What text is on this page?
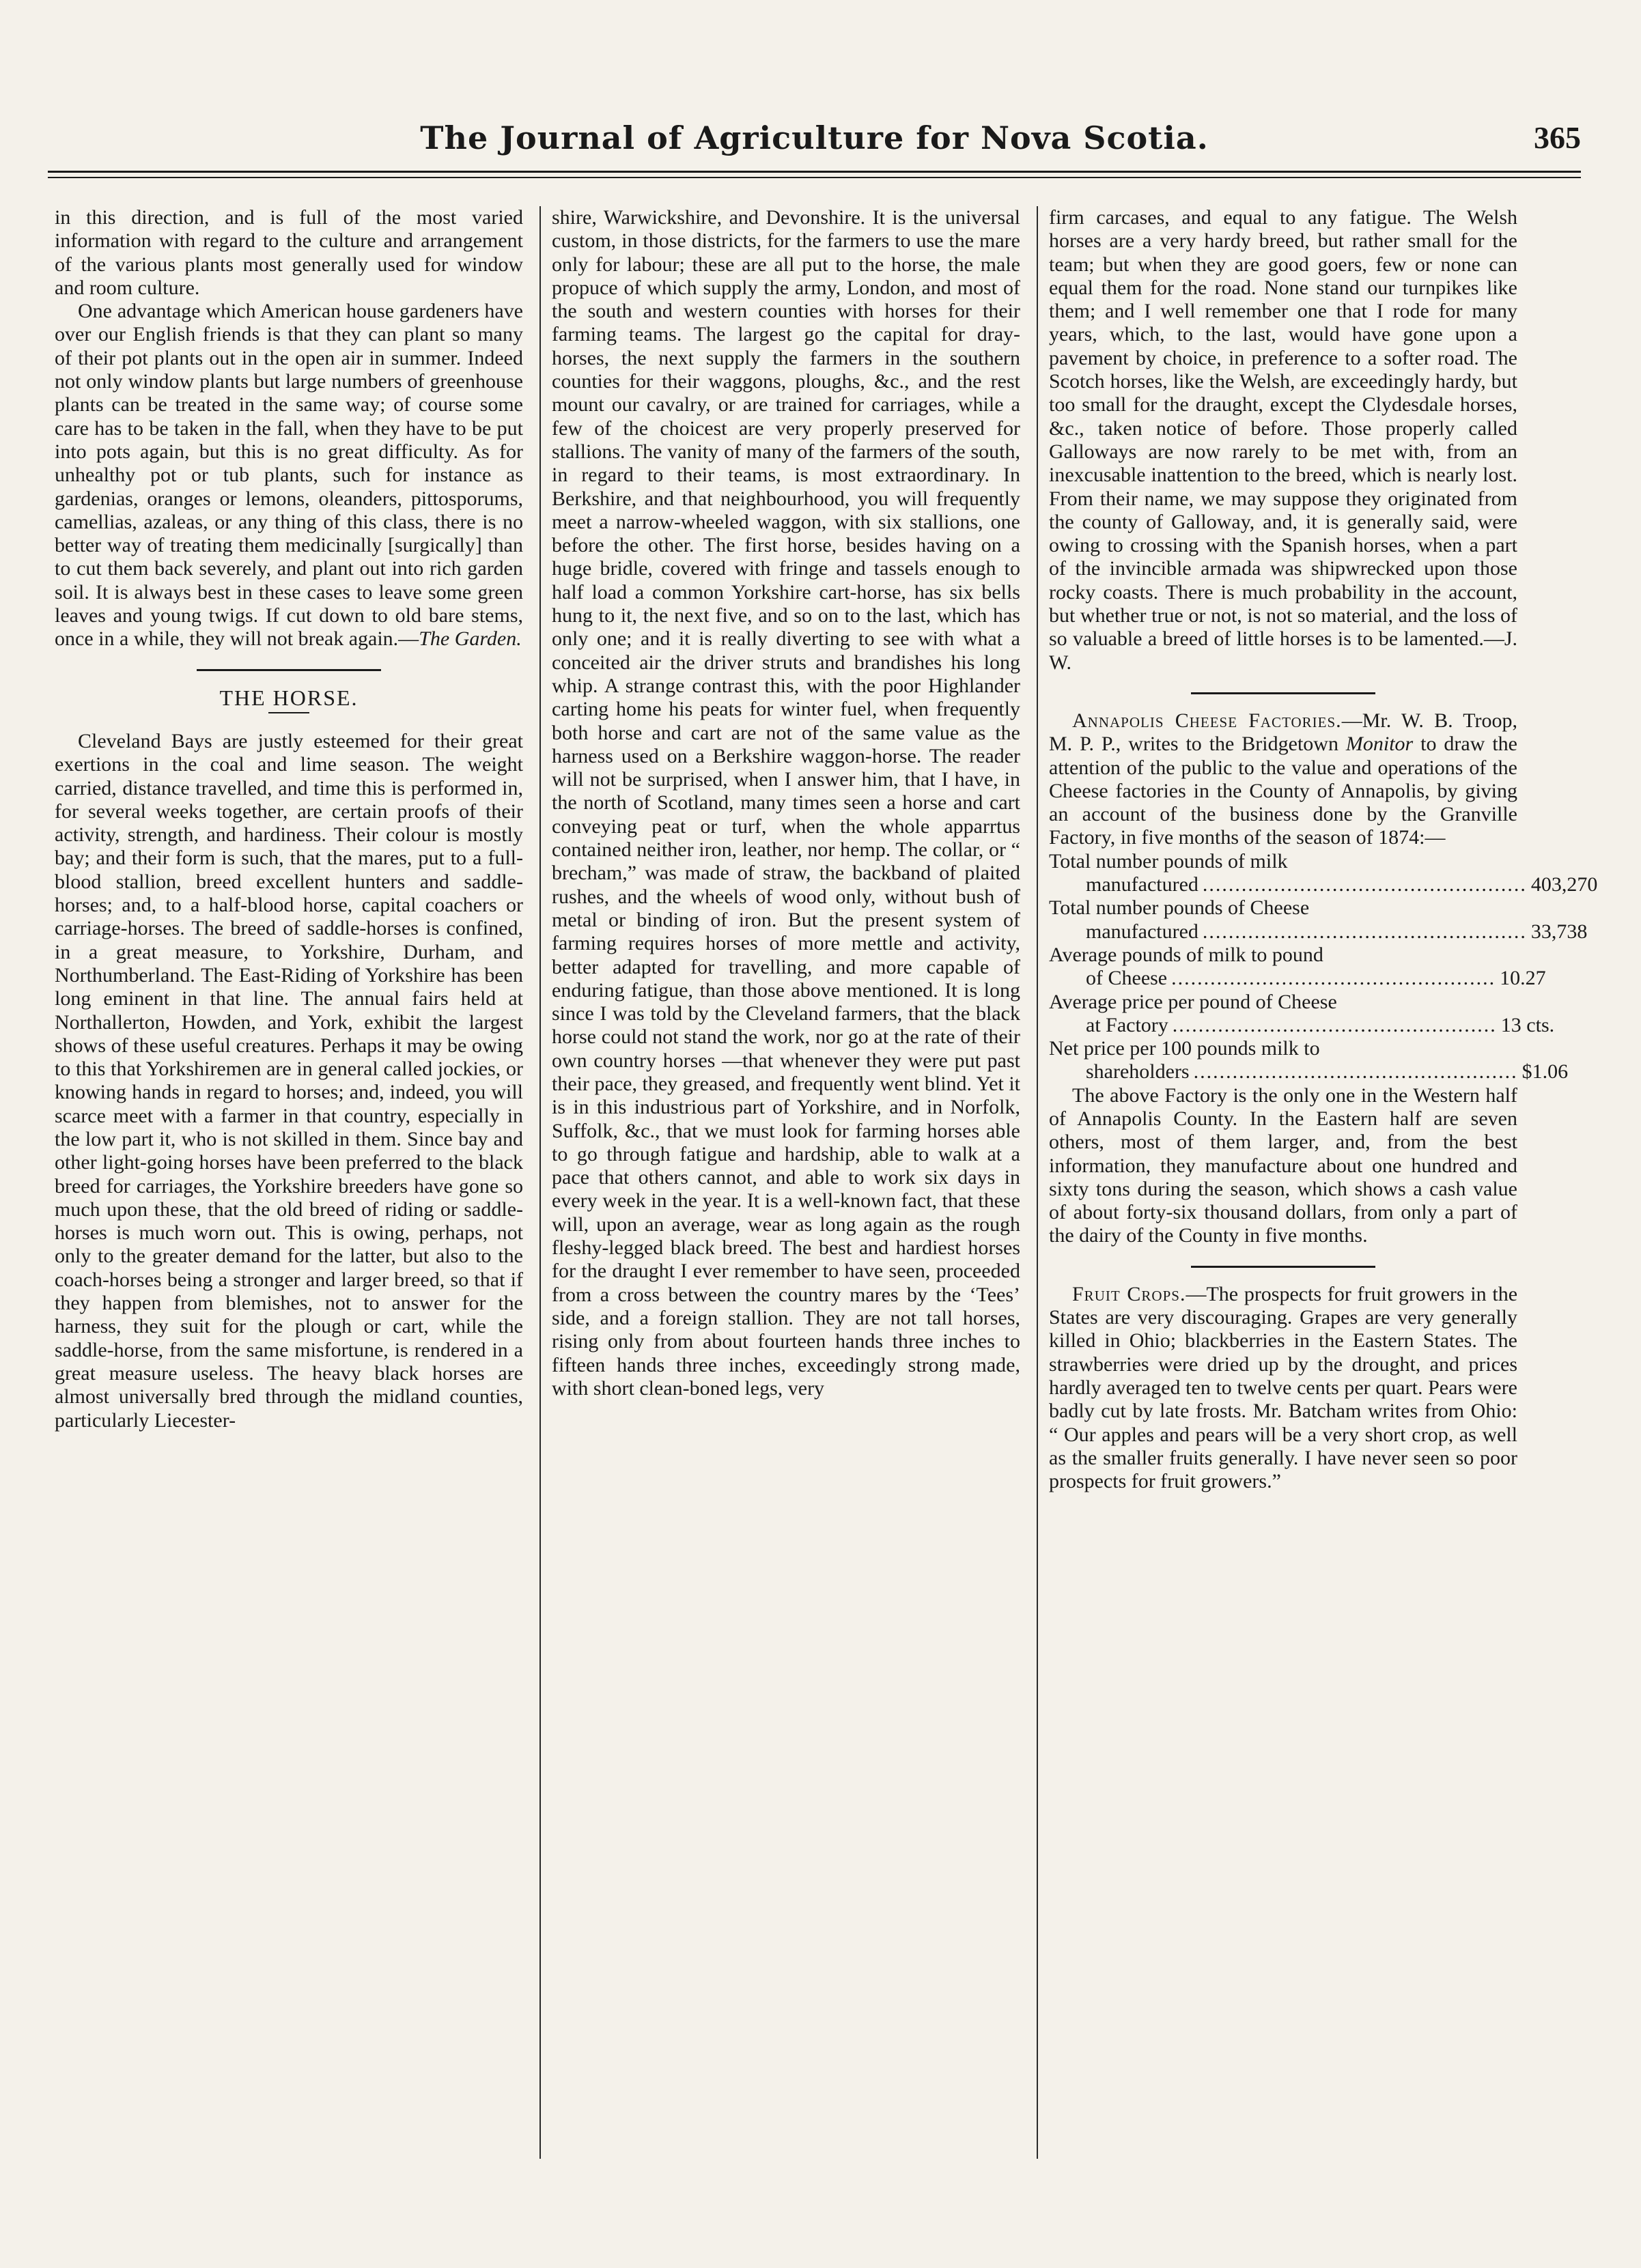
The Journal of Agriculture for Nova Scotia.	365

in this direction, and is full of the most varied information with regard to the culture and arrangement of the various plants most generally used for window and room culture.

One advantage which American house gardeners have over our English friends is that they can plant so many of their pot plants out in the open air in summer. Indeed not only window plants but large numbers of greenhouse plants can be treated in the same way; of course some care has to be taken in the fall, when they have to be put into pots again, but this is no great difficulty. As for unhealthy pot or tub plants, such for instance as gardenias, oranges or lemons, oleanders, pittosporums, camellias, azaleas, or any thing of this class, there is no better way of treating them medicinally [surgically] than to cut them back severely, and plant out into rich garden soil. It is always best in these cases to leave some green leaves and young twigs. If cut down to old bare stems, once in a while, they will not break again.—The Garden.

THE HORSE.

Cleveland Bays are justly esteemed for their great exertions in the coal and lime season. The weight carried, distance travelled, and time this is performed in, for several weeks together, are certain proofs of their activity, strength, and hardiness. Their colour is mostly bay; and their form is such, that the mares, put to a full-blood stallion, breed excellent hunters and saddle-horses; and, to a half-blood horse, capital coachers or carriage-horses. The breed of saddle-horses is confined, in a great measure, to Yorkshire, Durham, and Northumberland. The East-Riding of Yorkshire has been long eminent in that line. The annual fairs held at Northallerton, Howden, and York, exhibit the largest shows of these useful creatures. Perhaps it may be owing to this that Yorkshiremen are in general called jockies, or knowing hands in regard to horses; and, indeed, you will scarce meet with a farmer in that country, especially in the low part it, who is not skilled in them. Since bay and other light-going horses have been preferred to the black breed for carriages, the Yorkshire breeders have gone so much upon these, that the old breed of riding or saddle-horses is much worn out. This is owing, perhaps, not only to the greater demand for the latter, but also to the coach-horses being a stronger and larger breed, so that if they happen from blemishes, not to answer for the harness, they suit for the plough or cart, while the saddle-horse, from the same misfortune, is rendered in a great measure useless. The heavy black horses are almost universally bred through the midland counties, particularly Liecester-

shire, Warwickshire, and Devonshire. It is the universal custom, in those districts, for the farmers to use the mare only for labour; these are all put to the horse, the male propuce of which supply the army, London, and most of the south and western counties with horses for their farming teams. The largest go the capital for dray-horses, the next supply the farmers in the southern counties for their waggons, ploughs, &c., and the rest mount our cavalry, or are trained for carriages, while a few of the choicest are very properly preserved for stallions. The vanity of many of the farmers of the south, in regard to their teams, is most extraordinary. In Berkshire, and that neighbourhood, you will frequently meet a narrow-wheeled waggon, with six stallions, one before the other. The first horse, besides having on a huge bridle, covered with fringe and tassels enough to half load a common Yorkshire cart-horse, has six bells hung to it, the next five, and so on to the last, which has only one; and it is really diverting to see with what a conceited air the driver struts and brandishes his long whip. A strange contrast this, with the poor Highlander carting home his peats for winter fuel, when frequently both horse and cart are not of the same value as the harness used on a Berkshire waggon-horse. The reader will not be surprised, when I answer him, that I have, in the north of Scotland, many times seen a horse and cart conveying peat or turf, when the whole apparrtus contained neither iron, leather, nor hemp. The collar, or “ brecham,” was made of straw, the backband of plaited rushes, and the wheels of wood only, without bush of metal or binding of iron. But the present system of farming requires horses of more mettle and activity, better adapted for travelling, and more capable of enduring fatigue, than those above mentioned. It is long since I was told by the Cleveland farmers, that the black horse could not stand the work, nor go at the rate of their own country horses —that whenever they were put past their pace, they greased, and frequently went blind. Yet it is in this industrious part of Yorkshire, and in Norfolk, Suffolk, &c., that we must look for farming horses able to go through fatigue and hardship, able to walk at a pace that others cannot, and able to work six days in every week in the year. It is a well-known fact, that these will, upon an average, wear as long again as the rough fleshy-legged black breed. The best and hardiest horses for the draught I ever remember to have seen, proceeded from a cross between the country mares by the ‘Tees’ side, and a foreign stallion. They are not tall horses, rising only from about fourteen hands three inches to fifteen hands three inches, exceedingly strong made, with short clean-boned legs, very

firm carcases, and equal to any fatigue. The Welsh horses are a very hardy breed, but rather small for the team; but when they are good goers, few or none can equal them for the road. None stand our turnpikes like them; and I well remember one that I rode for many years, which, to the last, would have gone upon a pavement by choice, in preference to a softer road. The Scotch horses, like the Welsh, are exceedingly hardy, but too small for the draught, except the Clydesdale horses, &c., taken notice of before. Those properly called Galloways are now rarely to be met with, from an inexcusable inattention to the breed, which is nearly lost. From their name, we may suppose they originated from the county of Galloway, and, it is generally said, were owing to crossing with the Spanish horses, when a part of the invincible armada was shipwrecked upon those rocky coasts. There is much probability in the account, but whether true or not, is not so material, and the loss of so valuable a breed of little horses is to be lamented.—J. W.

Annapolis Cheese Factories.—Mr. W. B. Troop, M. P. P., writes to the Bridgetown Monitor to draw the attention of the public to the value and operations of the Cheese factories in the County of Annapolis, by giving an account of the business done by the Granville Factory, in five months of the season of 1874:—

Total number pounds of milk
manufactured .................................................. 403,270
Total number pounds of Cheese
manufactured .................................................. 33,738
Average pounds of milk to pound
of Cheese .................................................. 10.27
Average price per pound of Cheese
at Factory .................................................. 13 cts.
Net price per 100 pounds milk to
shareholders .................................................. $1.06

The above Factory is the only one in the Western half of Annapolis County. In the Eastern half are seven others, most of them larger, and, from the best information, they manufacture about one hundred and sixty tons during the season, which shows a cash value of about forty-six thousand dollars, from only a part of the dairy of the County in five months.

Fruit Crops.—The prospects for fruit growers in the States are very discouraging. Grapes are very generally killed in Ohio; blackberries in the Eastern States. The strawberries were dried up by the drought, and prices hardly averaged ten to twelve cents per quart. Pears were badly cut by late frosts. Mr. Batcham writes from Ohio: “ Our apples and pears will be a very short crop, as well as the smaller fruits generally. I have never seen so poor prospects for fruit growers.”
